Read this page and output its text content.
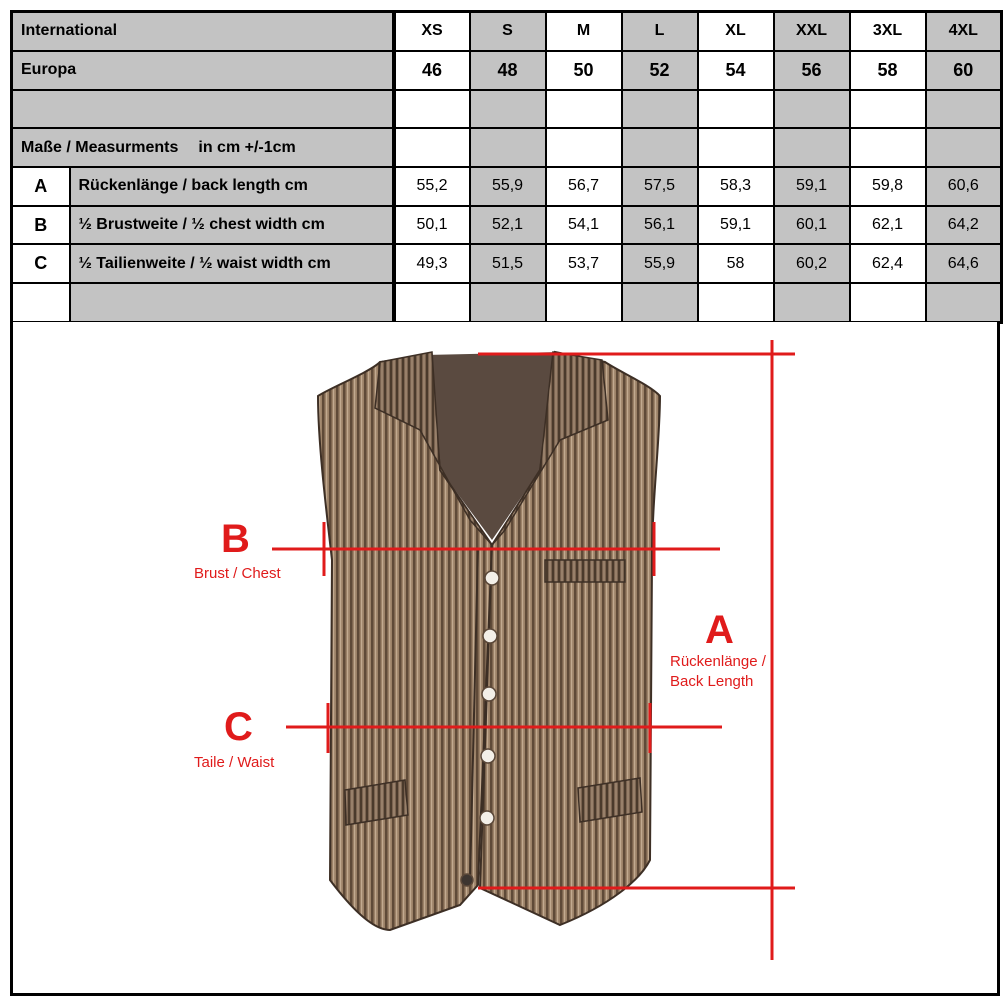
International		XS	S	M	L	XL	XXL	3XL	4XL
Europa		46	48	50	52	54	56	58	60

Maße / Measurments in cm +/-1cm									
A	Rückenlänge / back length cm	55,2	55,9	56,7	57,5	58,3	59,1	59,8	60,6
B	½ Brustweite / ½ chest width cm	50,1	52,1	54,1	56,1	59,1	60,1	62,1	64,2
C	½ Tailienweite / ½ waist width cm	49,3	51,5	53,7	55,9	58	60,2	62,4	64,6

A
Rückenlänge /
Back Length
B
Brust / Chest
C
Taile / Waist
